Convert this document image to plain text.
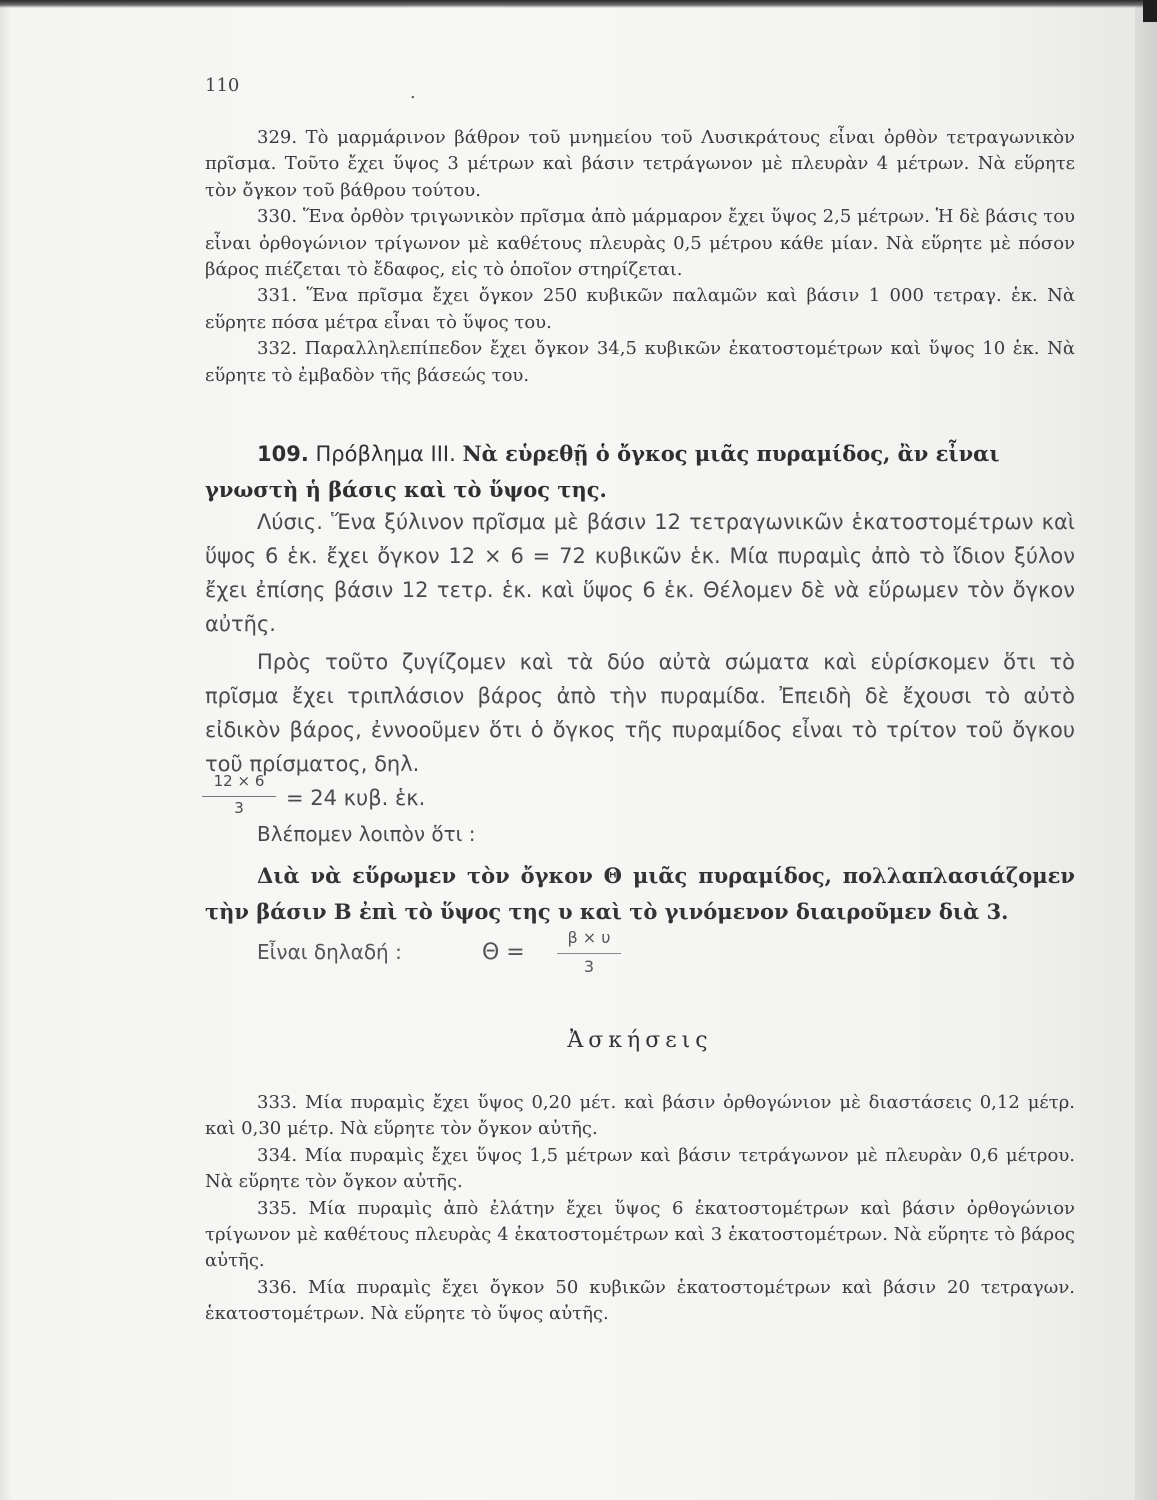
110	.

329. Τὸ μαρμάρινον βάθρον τοῦ μνημείου τοῦ Λυσικράτους εἶναι ὀρθὸν τετραγωνικὸν πρῖσμα. Τοῦτο ἔχει ὕψος 3 μέτρων καὶ βάσιν τετράγωνον μὲ πλευρὰν 4 μέτρων. Νὰ εὕρητε τὸν ὄγκον τοῦ βάθρου τούτου.

330. Ἕνα ὀρθὸν τριγωνικὸν πρῖσμα ἀπὸ μάρμαρον ἔχει ὕψος 2,5 μέτρων. Ἡ δὲ βάσις του εἶναι ὀρθογώνιον τρίγωνον μὲ καθέτους πλευρὰς 0,5 μέτρου κάθε μίαν. Νὰ εὕρητε μὲ πόσον βάρος πιέζεται τὸ ἔδαφος, εἰς τὸ ὁποῖον στηρίζεται.

331. Ἕνα πρῖσμα ἔχει ὄγκον 250 κυβικῶν παλαμῶν καὶ βάσιν 1 000 τετραγ. ἑκ. Νὰ εὕρητε πόσα μέτρα εἶναι τὸ ὕψος του.

332. Παραλληλεπίπεδον ἔχει ὄγκον 34,5 κυβικῶν ἑκατοστομέτρων καὶ ὕψος 10 ἑκ. Νὰ εὕρητε τὸ ἐμβαδὸν τῆς βάσεώς του.

109. Πρόβλημα ΙΙΙ. Νὰ εὑρεθῇ ὁ ὄγκος μιᾶς πυραμίδος, ἂν εἶναι γνωστὴ ἡ βάσις καὶ τὸ ὕψος της.

Λύσις. Ἕνα ξύλινον πρῖσμα μὲ βάσιν 12 τετραγωνικῶν ἑκατοστομέτρων καὶ ὕψος 6 ἑκ. ἔχει ὄγκον 12 × 6 = 72 κυβικῶν ἑκ. Μία πυραμὶς ἀπὸ τὸ ἴδιον ξύλον ἔχει ἐπίσης βάσιν 12 τετρ. ἑκ. καὶ ὕψος 6 ἑκ. Θέλομεν δὲ νὰ εὕρωμεν τὸν ὄγκον αὐτῆς.

Πρὸς τοῦτο ζυγίζομεν καὶ τὰ δύο αὐτὰ σώματα καὶ εὑρίσκομεν ὅτι τὸ πρῖσμα ἔχει τριπλάσιον βάρος ἀπὸ τὴν πυραμίδα. Ἐπειδὴ δὲ ἔχουσι τὸ αὐτὸ εἰδικὸν βάρος, ἐννοοῦμεν ὅτι ὁ ὄγκος τῆς πυραμίδος εἶναι τὸ τρίτον τοῦ ὄγκου τοῦ πρίσματος, δηλ.

12 × 6
3	= 24 κυβ. ἑκ.
Βλέπομεν λοιπὸν ὅτι :

Διὰ νὰ εὕρωμεν τὸν ὄγκον Θ μιᾶς πυραμίδος, πολλαπλασιάζομεν τὴν βάσιν Β ἐπὶ τὸ ὕψος της υ καὶ τὸ γινόμενον διαιροῦμεν διὰ 3.

Εἶναι δηλαδή :	Θ =
β × υ
3
Ἀσκήσεις

333. Μία πυραμὶς ἔχει ὕψος 0,20 μέτ. καὶ βάσιν ὀρθογώνιον μὲ διαστάσεις 0,12 μέτρ. καὶ 0,30 μέτρ. Νὰ εὕρητε τὸν ὄγκον αὐτῆς.

334. Μία πυραμὶς ἔχει ὕψος 1,5 μέτρων καὶ βάσιν τετράγωνον μὲ πλευρὰν 0,6 μέτρου. Νὰ εὕρητε τὸν ὄγκον αὐτῆς.

335. Μία πυραμὶς ἀπὸ ἐλάτην ἔχει ὕψος 6 ἑκατοστομέτρων καὶ βάσιν ὀρθογώνιον τρίγωνον μὲ καθέτους πλευρὰς 4 ἑκατοστομέτρων καὶ 3 ἑκατοστομέτρων. Νὰ εὕρητε τὸ βάρος αὐτῆς.

336. Μία πυραμὶς ἔχει ὄγκον 50 κυβικῶν ἑκατοστομέτρων καὶ βάσιν 20 τετραγων. ἑκατοστομέτρων. Νὰ εὕρητε τὸ ὕψος αὐτῆς.
